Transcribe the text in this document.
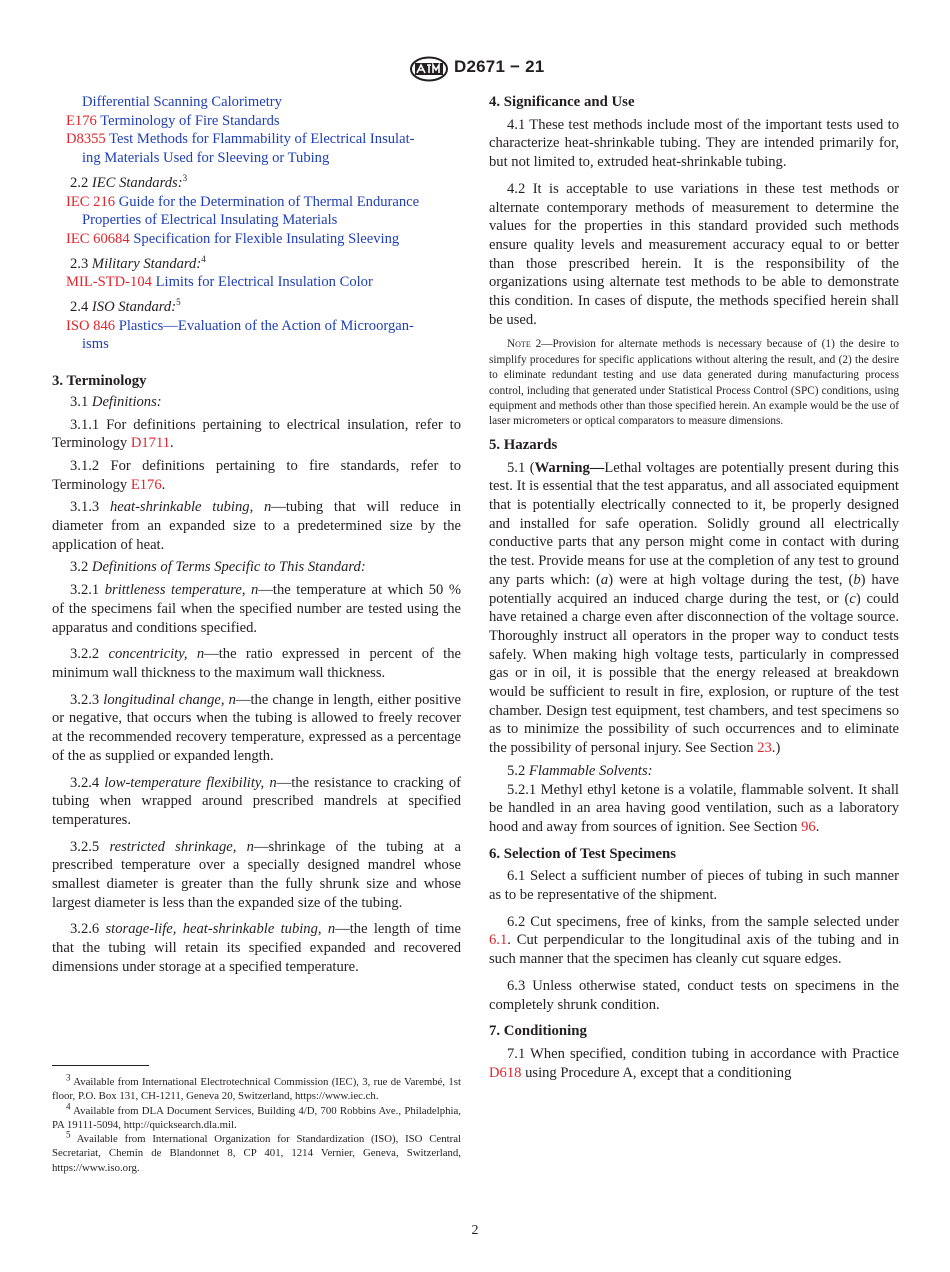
D2671 − 21

Differential Scanning Calorimetry

E176 Terminology of Fire Standards

D8355 Test Methods for Flammability of Electrical Insulat-
ing Materials Used for Sleeving or Tubing

2.2 IEC Standards:$^3$

IEC 216 Guide for the Determination of Thermal Endurance
Properties of Electrical Insulating Materials

IEC 60684 Specification for Flexible Insulating Sleeving

2.3 Military Standard:$^4$

MIL-STD-104 Limits for Electrical Insulation Color

2.4 ISO Standard:$^5$

ISO 846 Plastics—Evaluation of the Action of Microorgan-
isms

3. Terminology

3.1 Definitions:

3.1.1 For definitions pertaining to electrical insulation, refer to Terminology D1711.

3.1.2 For definitions pertaining to fire standards, refer to Terminology E176.

3.1.3 heat-shrinkable tubing, n—tubing that will reduce in diameter from an expanded size to a predetermined size by the application of heat.

3.2 Definitions of Terms Specific to This Standard:

3.2.1 brittleness temperature, n—the temperature at which 50 % of the specimens fail when the specified number are tested using the apparatus and conditions specified.

3.2.2 concentricity, n—the ratio expressed in percent of the minimum wall thickness to the maximum wall thickness.

3.2.3 longitudinal change, n—the change in length, either positive or negative, that occurs when the tubing is allowed to freely recover at the recommended recovery temperature, expressed as a percentage of the as supplied or expanded length.

3.2.4 low-temperature flexibility, n—the resistance to cracking of tubing when wrapped around prescribed mandrels at specified temperatures.

3.2.5 restricted shrinkage, n—shrinkage of the tubing at a prescribed temperature over a specially designed mandrel whose smallest diameter is greater than the fully shrunk size and whose largest diameter is less than the expanded size of the tubing.

3.2.6 storage-life, heat-shrinkable tubing, n—the length of time that the tubing will retain its specified expanded and recovered dimensions under storage at a specified temperature.

$^3$ Available from International Electrotechnical Commission (IEC), 3, rue de Varembé, 1st floor, P.O. Box 131, CH-1211, Geneva 20, Switzerland, https://www.iec.ch.

$^4$ Available from DLA Document Services, Building 4/D, 700 Robbins Ave., Philadelphia, PA 19111-5094, http://quicksearch.dla.mil.

$^5$ Available from International Organization for Standardization (ISO), ISO Central Secretariat, Chemin de Blandonnet 8, CP 401, 1214 Vernier, Geneva, Switzerland, https://www.iso.org.

4. Significance and Use

4.1 These test methods include most of the important tests used to characterize heat-shrinkable tubing. They are intended primarily for, but not limited to, extruded heat-shrinkable tubing.

4.2 It is acceptable to use variations in these test methods or alternate contemporary methods of measurement to determine the values for the properties in this standard provided such methods ensure quality levels and measurement accuracy equal to or better than those prescribed herein. It is the responsibility of the organizations using alternate test methods to be able to demonstrate this condition. In cases of dispute, the methods specified herein shall be used.

Note 2—Provision for alternate methods is necessary because of (1) the desire to simplify procedures for specific applications without altering the result, and (2) the desire to eliminate redundant testing and use data generated during manufacturing process control, including that generated under Statistical Process Control (SPC) conditions, using equipment and methods other than those specified herein. An example would be the use of laser micrometers or optical comparators to measure dimensions.

5. Hazards

5.1 (Warning—Lethal voltages are potentially present during this test. It is essential that the test apparatus, and all associated equipment that is potentially electrically connected to it, be properly designed and installed for safe operation. Solidly ground all electrically conductive parts that any person might come in contact with during the test. Provide means for use at the completion of any test to ground any parts which: (a) were at high voltage during the test, (b) have potentially acquired an induced charge during the test, or (c) could have retained a charge even after disconnection of the voltage source. Thoroughly instruct all operators in the proper way to conduct tests safely. When making high voltage tests, particularly in compressed gas or in oil, it is possible that the energy released at breakdown would be sufficient to result in fire, explosion, or rupture of the test chamber. Design test equipment, test chambers, and test specimens so as to minimize the possibility of such occurrences and to eliminate the possibility of personal injury. See Section 23.)

5.2 Flammable Solvents:

5.2.1 Methyl ethyl ketone is a volatile, flammable solvent. It shall be handled in an area having good ventilation, such as a laboratory hood and away from sources of ignition. See Section 96.

6. Selection of Test Specimens

6.1 Select a sufficient number of pieces of tubing in such manner as to be representative of the shipment.

6.2 Cut specimens, free of kinks, from the sample selected under 6.1. Cut perpendicular to the longitudinal axis of the tubing and in such manner that the specimen has cleanly cut square edges.

6.3 Unless otherwise stated, conduct tests on specimens in the completely shrunk condition.

7. Conditioning

7.1 When specified, condition tubing in accordance with Practice D618 using Procedure A, except that a conditioning

2
